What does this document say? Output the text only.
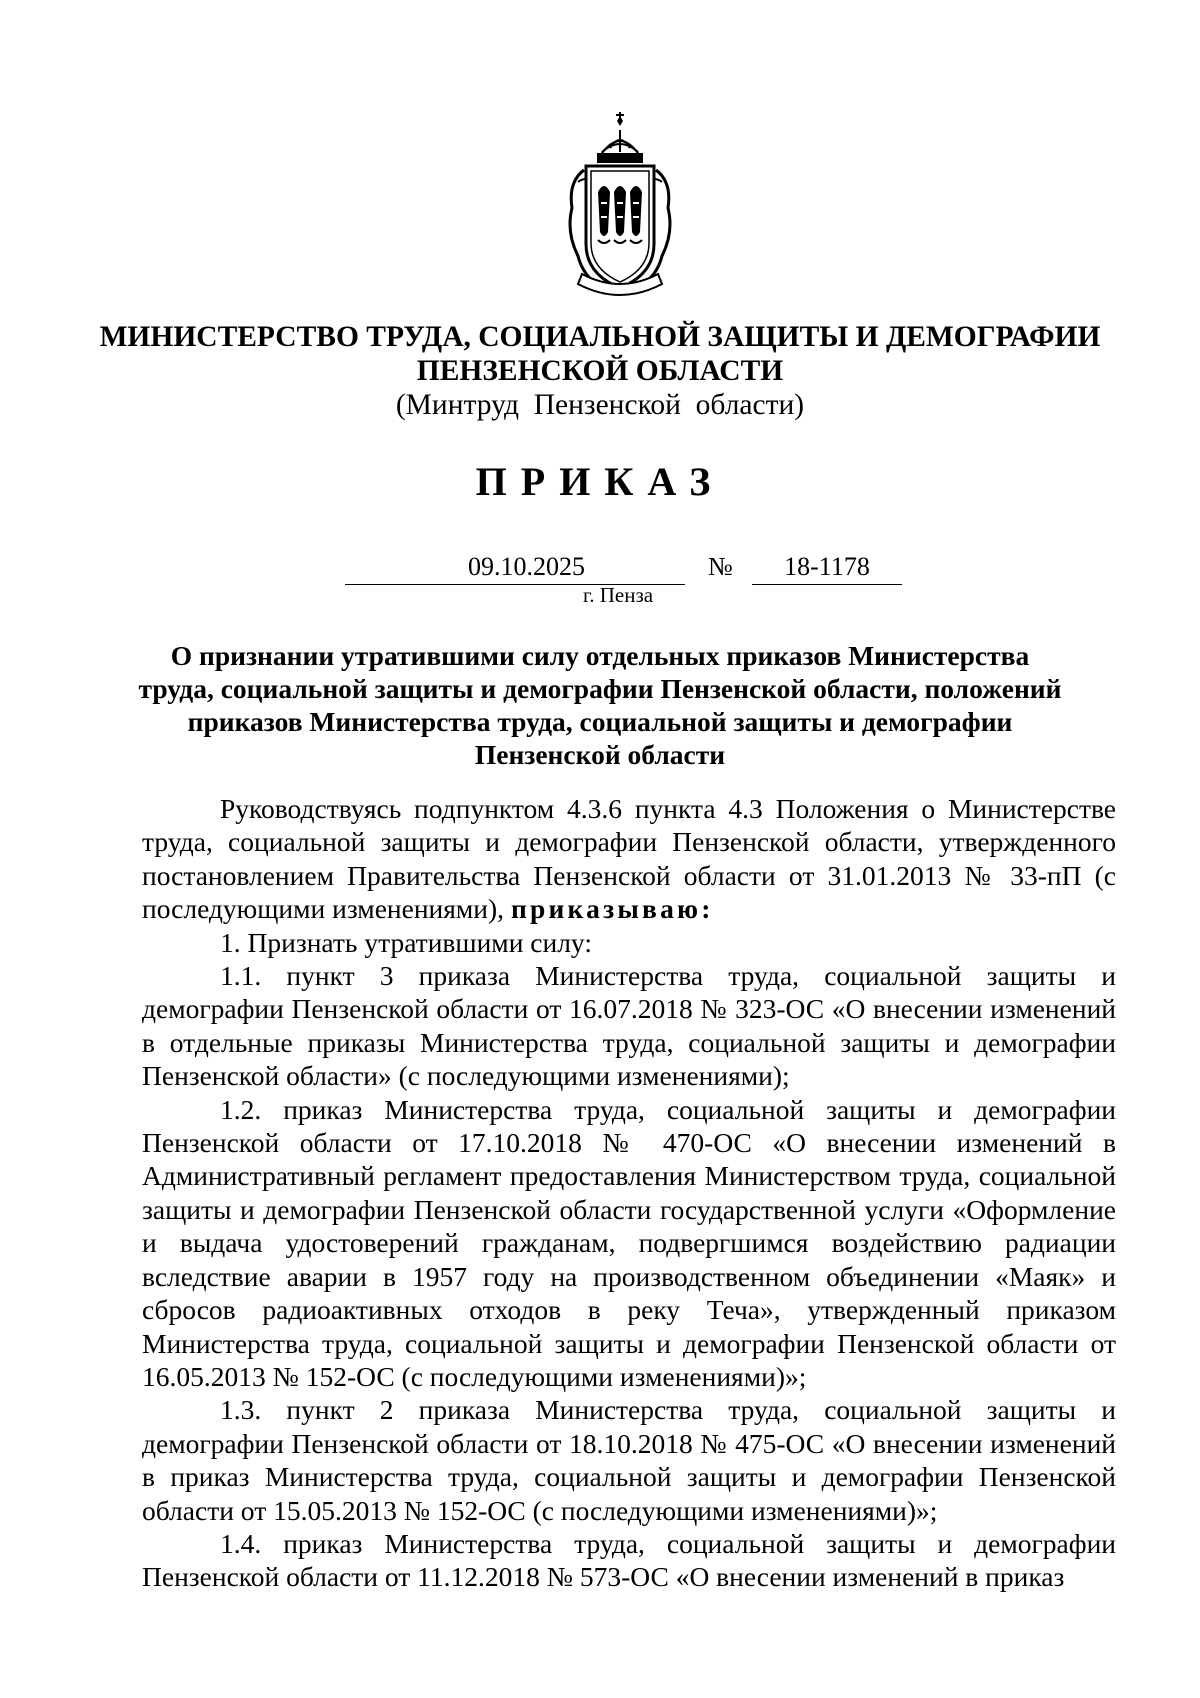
МИНИСТЕРСТВО ТРУДА, СОЦИАЛЬНОЙ ЗАЩИТЫ И ДЕМОГРАФИИ
ПЕНЗЕНСКОЙ ОБЛАСТИ
(Минтруд  Пензенской  области)
ПРИКАЗ
09.10.2025	№	18-1178
г. Пенза
О признании утратившими силу отдельных приказов Министерства
труда, социальной защиты и демографии Пензенской области, положений
приказов Министерства труда, социальной защиты и демографии
Пензенской области

Руководствуясь подпунктом 4.3.6 пункта 4.3 Положения о Министерстве труда, социальной защиты и демографии Пензенской области, утвержденного постановлением Правительства Пензенской области от 31.01.2013 № 33-пП (с последующими изменениями), приказываю:

1. Признать утратившими силу:

1.1. пункт 3 приказа Министерства труда, социальной защиты и демографии Пензенской области от 16.07.2018 № 323-ОС «О внесении изменений в отдельные приказы Министерства труда, социальной защиты и демографии Пензенской области» (с последующими изменениями);

1.2. приказ Министерства труда, социальной защиты и демографии Пензенской области от 17.10.2018 № 470-ОС «О внесении изменений в Административный регламент предоставления Министерством труда, социальной защиты и демографии Пензенской области государственной услуги «Оформление и выдача удостоверений гражданам, подвергшимся воздействию радиации вследствие аварии в 1957 году на производственном объединении «Маяк» и сбросов радиоактивных отходов в реку Теча», утвержденный приказом Министерства труда, социальной защиты и демографии Пензенской области от 16.05.2013 № 152-ОС (с последующими изменениями)»;

1.3. пункт 2 приказа Министерства труда, социальной защиты и демографии Пензенской области от 18.10.2018 № 475-ОС «О внесении изменений в приказ Министерства труда, социальной защиты и демографии Пензенской области от 15.05.2013 № 152-ОС (с последующими изменениями)»;

1.4. приказ Министерства труда, социальной защиты и демографии Пензенской области от 11.12.2018 № 573-ОС «О внесении изменений в приказ
